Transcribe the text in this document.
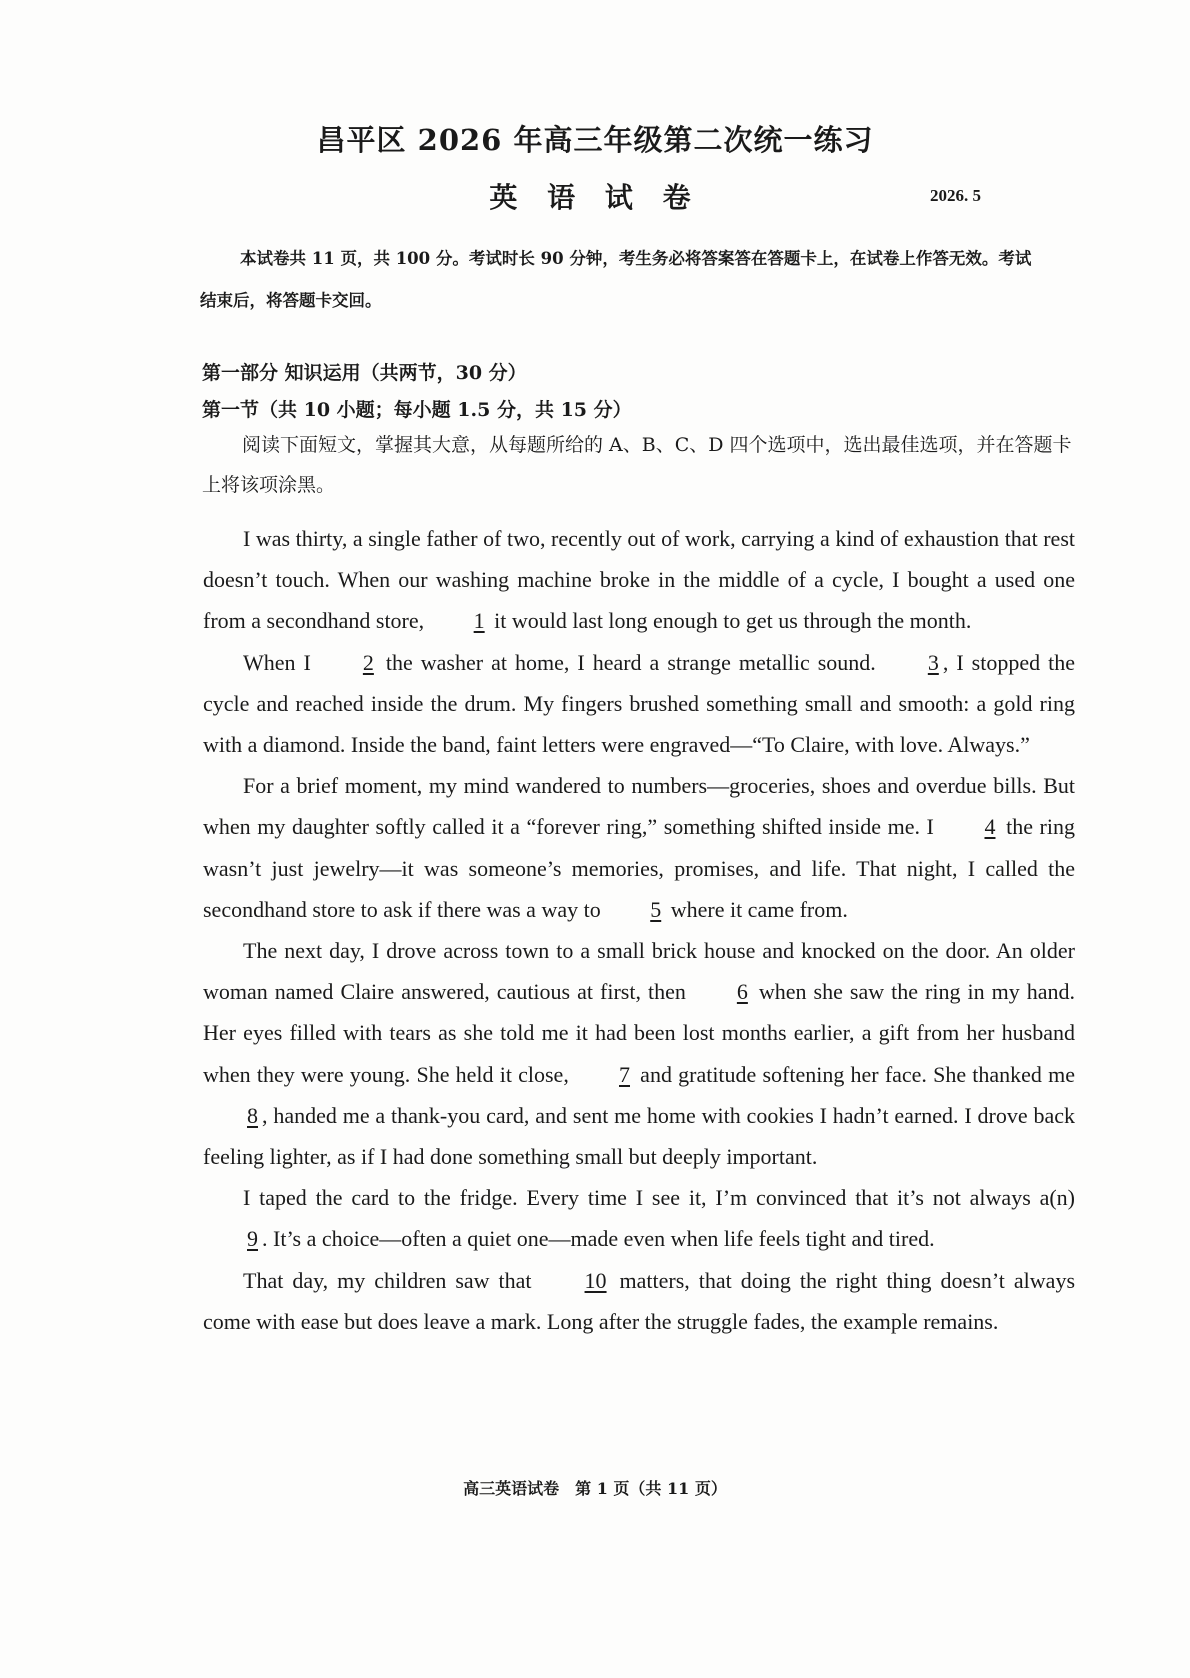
昌平区 2026 年高三年级第二次统一练习
英 语 试 卷	2026. 5
本试卷共 11 页，共 100 分。考试时长 90 分钟，考生务必将答案答在答题卡上，在试卷上作答无效。考试结束后，将答题卡交回。
第一部分 知识运用（共两节，30 分）
第一节（共 10 小题；每小题 1.5 分，共 15 分）
阅读下面短文，掌握其大意，从每题所给的 A、B、C、D 四个选项中，选出最佳选项，并在答题卡上将该项涂黑。

I was thirty, a single father of two, recently out of work, carrying a kind of exhaustion that rest doesn’t touch. When our washing machine broke in the middle of a cycle, I bought a used one from a secondhand store, 1 it would last long enough to get us through the month.

When I 2 the washer at home, I heard a strange metallic sound. 3 , I stopped the cycle and reached inside the drum. My fingers brushed something small and smooth: a gold ring with a diamond. Inside the band, faint letters were engraved—“To Claire, with love. Always.”

For a brief moment, my mind wandered to numbers—groceries, shoes and overdue bills. But when my daughter softly called it a “forever ring,” something shifted inside me. I 4 the ring wasn’t just jewelry—it was someone’s memories, promises, and life. That night, I called the secondhand store to ask if there was a way to 5 where it came from.

The next day, I drove across town to a small brick house and knocked on the door. An older woman named Claire answered, cautious at first, then 6 when she saw the ring in my hand. Her eyes filled with tears as she told me it had been lost months earlier, a gift from her husband when they were young. She held it close, 7 and gratitude softening her face. She thanked me 8 , handed me a thank-you card, and sent me home with cookies I hadn’t earned. I drove back feeling lighter, as if I had done something small but deeply important.

I taped the card to the fridge. Every time I see it, I’m convinced that it’s not always a(n) 9 . It’s a choice—often a quiet one—made even when life feels tight and tired.

That day, my children saw that 10 matters, that doing the right thing doesn’t always come with ease but does leave a mark. Long after the struggle fades, the example remains.

高三英语试卷　第 1 页（共 11 页）
